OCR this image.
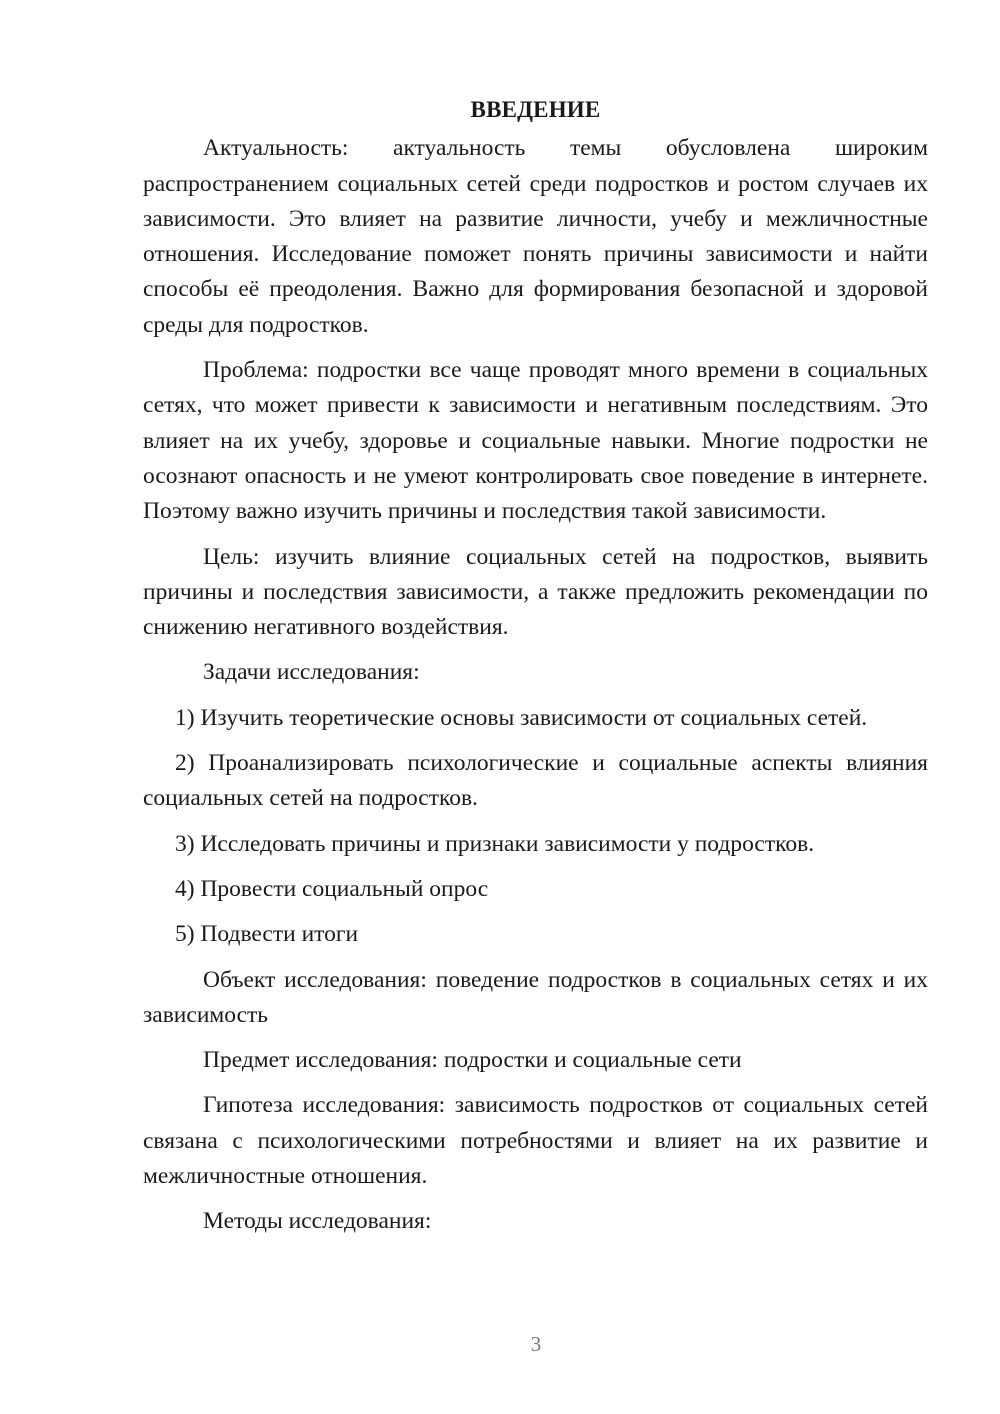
ВВЕДЕНИЕ

Актуальность: актуальность темы обусловлена широким распространением социальных сетей среди подростков и ростом случаев их зависимости. Это влияет на развитие личности, учебу и межличностные отношения. Исследование поможет понять причины зависимости и найти способы её преодоления. Важно для формирования безопасной и здоровой среды для подростков.

Проблема: подростки все чаще проводят много времени в социальных сетях, что может привести к зависимости и негативным последствиям. Это влияет на их учебу, здоровье и социальные навыки. Многие подростки не осознают опасность и не умеют контролировать свое поведение в интернете. Поэтому важно изучить причины и последствия такой зависимости.

Цель: изучить влияние социальных сетей на подростков, выявить причины и последствия зависимости, а также предложить рекомендации по снижению негативного воздействия.

Задачи исследования:

1) Изучить теоретические основы зависимости от социальных сетей.

2) Проанализировать психологические и социальные аспекты влияния социальных сетей на подростков.

3) Исследовать причины и признаки зависимости у подростков.

4) Провести социальный опрос

5) Подвести итоги

Объект исследования: поведение подростков в социальных сетях и их зависимость

Предмет исследования: подростки и социальные сети

Гипотеза исследования: зависимость подростков от социальных сетей связана с психологическими потребностями и влияет на их развитие и межличностные отношения.

Методы исследования:

3
